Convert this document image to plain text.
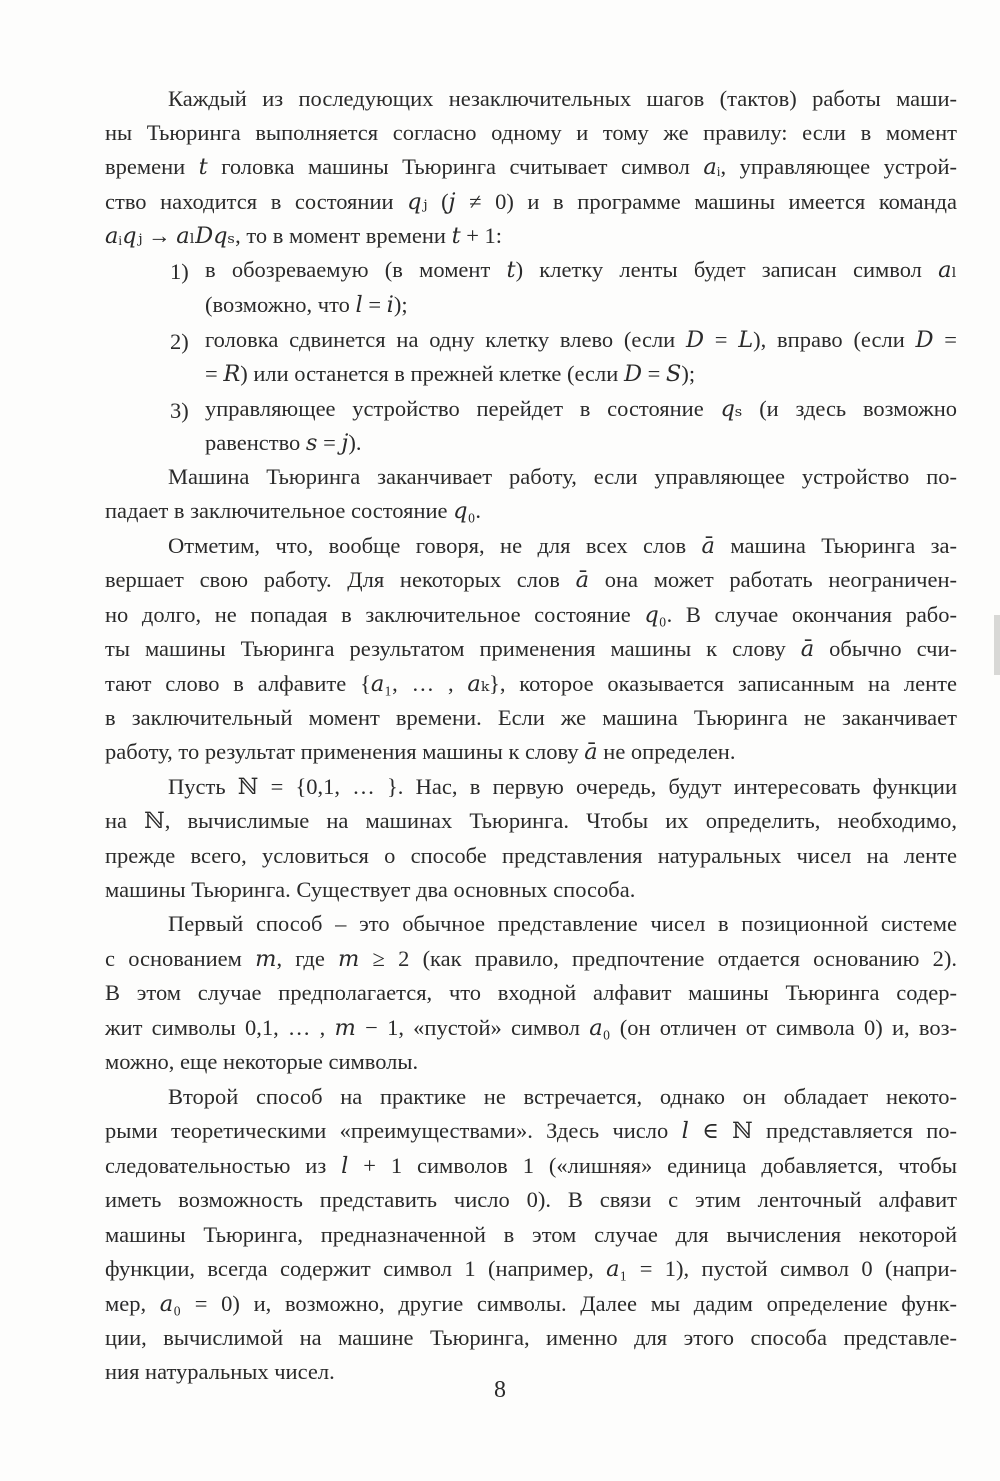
Каждый из последующих незаключительных шагов (тактов) работы маши-
ны Тьюринга выполняется согласно одному и тому же правилу: если в момент
времени 𝑡 головка машины Тьюринга считывает символ 𝑎ᵢ, управляющее устрой-
ство находится в состоянии 𝑞ⱼ (𝑗 ≠ 0) и в программе машины имеется команда
𝑎ᵢ𝑞ⱼ → 𝑎ₗ𝐷𝑞ₛ, то в момент времени 𝑡 + 1:
в обозреваемую (в момент 𝑡) клетку ленты будет записан символ 𝑎ₗ
1)
(возможно, что 𝑙 = 𝑖);
головка сдвинется на одну клетку влево (если 𝐷 = 𝐿), вправо (если 𝐷 =
2)
= 𝑅) или останется в прежней клетке (если 𝐷 = 𝑆);
управляющее устройство перейдет в состояние 𝑞ₛ (и здесь возможно
3)
равенство 𝑠 = 𝑗).
Машина Тьюринга заканчивает работу, если управляющее устройство по-
падает в заключительное состояние 𝑞₀.
Отметим, что, вообще говоря, не для всех слов 𝑎̄ машина Тьюринга за-
вершает свою работу. Для некоторых слов 𝑎̄ она может работать неограничен-
но долго, не попадая в заключительное состояние 𝑞₀. В случае окончания рабо-
ты машины Тьюринга результатом применения машины к слову 𝑎̄ обычно счи-
тают слово в алфавите {𝑎₁, … , 𝑎ₖ}, которое оказывается записанным на ленте
в заключительный момент времени. Если же машина Тьюринга не заканчивает
работу, то результат применения машины к слову 𝑎̄ не определен.
Пусть ℕ = {0,1, … }. Нас, в первую очередь, будут интересовать функции
на ℕ, вычислимые на машинах Тьюринга. Чтобы их определить, необходимо,
прежде всего, условиться о способе представления натуральных чисел на ленте
машины Тьюринга. Существует два основных способа.
Первый способ – это обычное представление чисел в позиционной системе
с основанием 𝑚, где 𝑚 ≥ 2 (как правило, предпочтение отдается основанию 2).
В этом случае предполагается, что входной алфавит машины Тьюринга содер-
жит символы 0,1, … , 𝑚 − 1, «пустой» символ 𝑎₀ (он отличен от символа 0) и, воз-
можно, еще некоторые символы.
Второй способ на практике не встречается, однако он обладает некото-
рыми теоретическими «преимуществами». Здесь число 𝑙 ∈ ℕ представляется по-
следовательностью из 𝑙 + 1 символов 1 («лишняя» единица добавляется, чтобы
иметь возможность представить число 0). В связи с этим ленточный алфавит
машины Тьюринга, предназначенной в этом случае для вычисления некоторой
функции, всегда содержит символ 1 (например, 𝑎₁ = 1), пустой символ 0 (напри-
мер, 𝑎₀ = 0) и, возможно, другие символы. Далее мы дадим определение функ-
ции, вычислимой на машине Тьюринга, именно для этого способа представле-
ния натуральных чисел.
8
